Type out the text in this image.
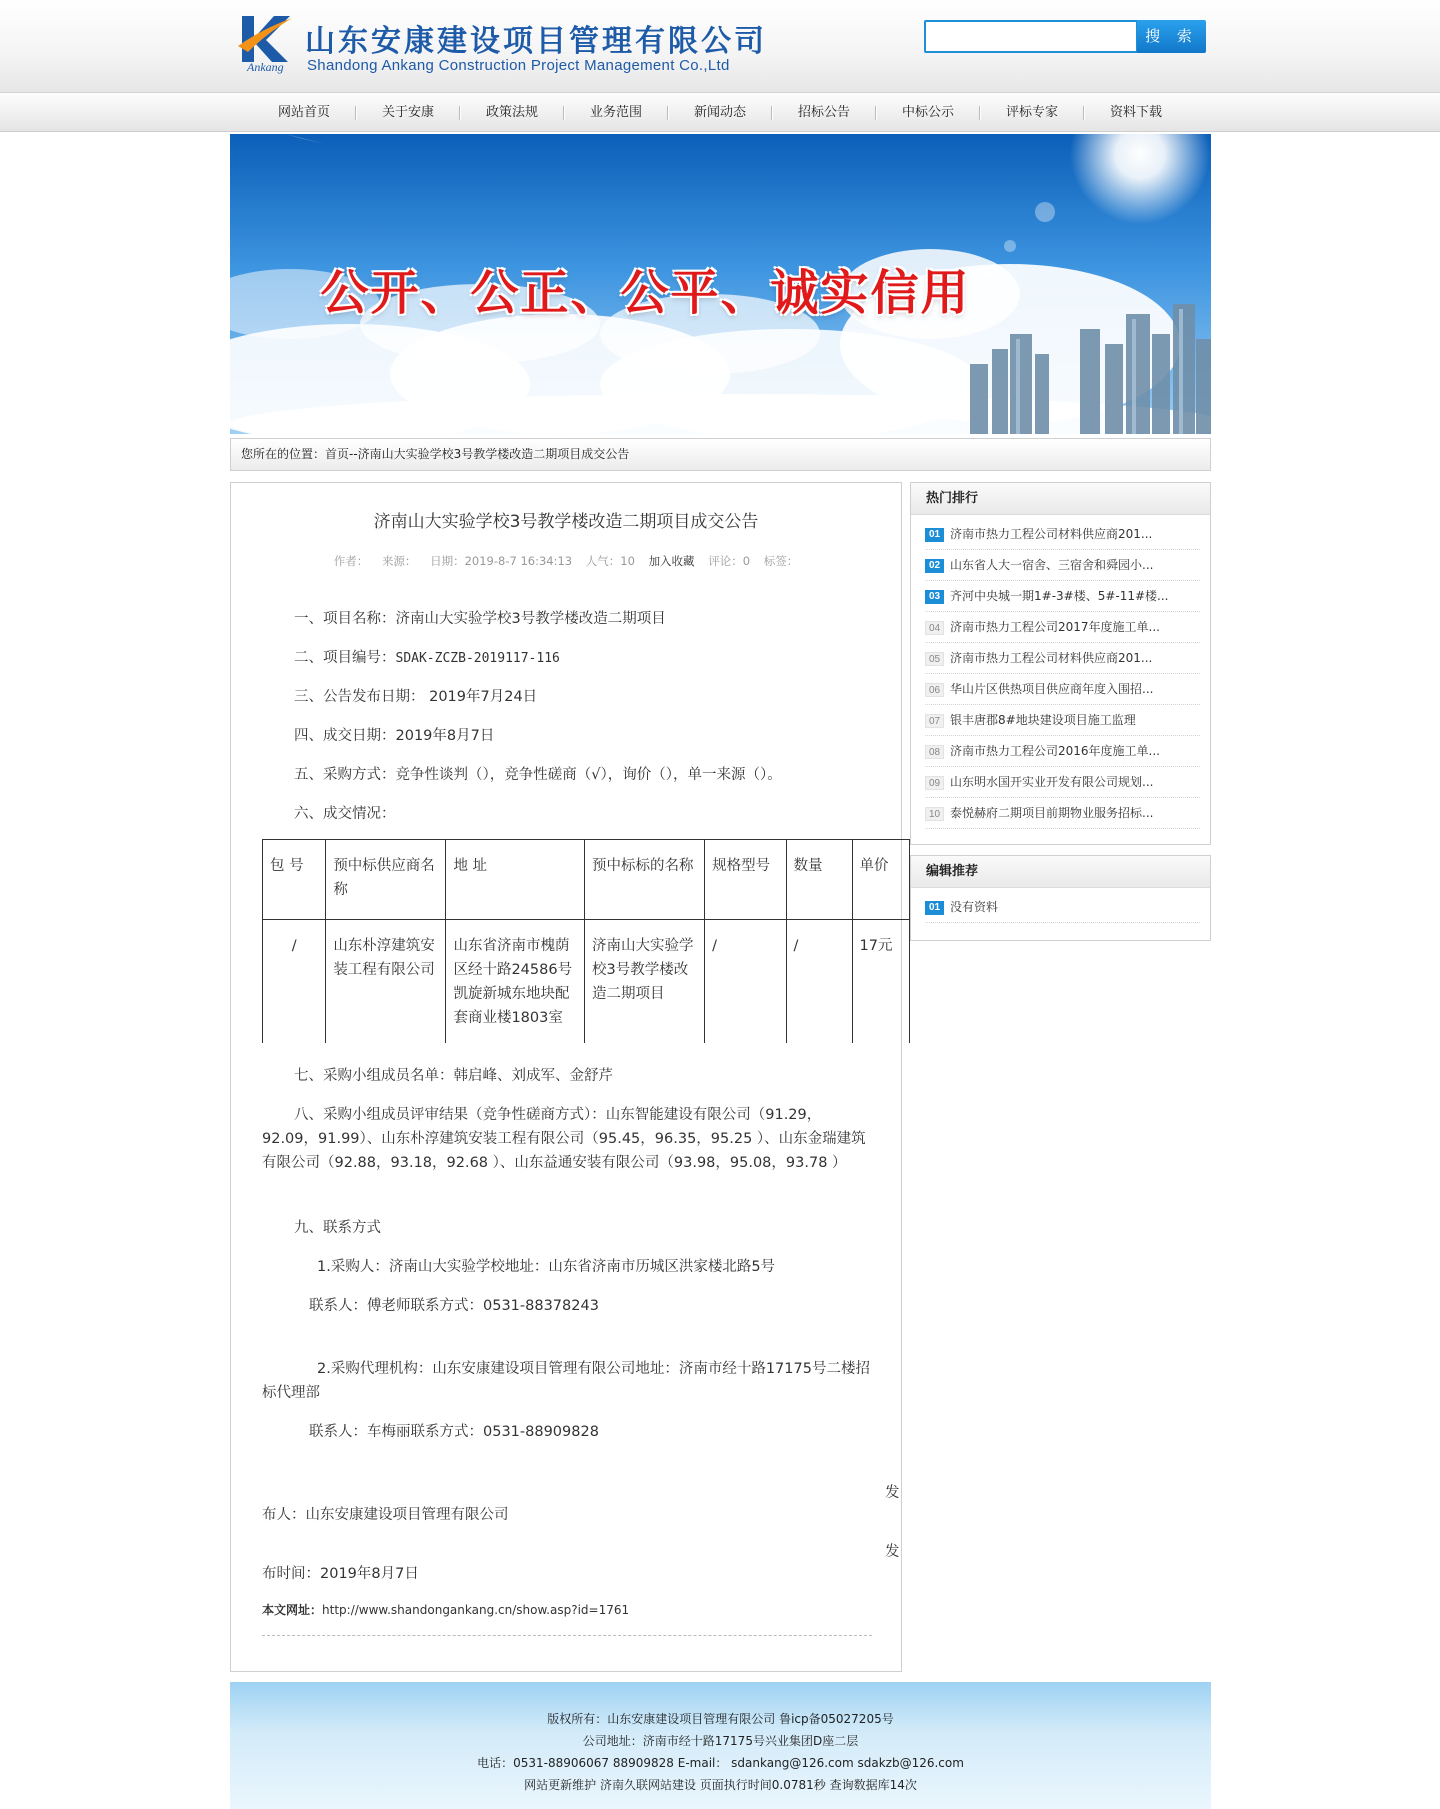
Ankang
山东安康建设项目管理有限公司
Shandong Ankang Construction Project Management Co.,Ltd
搜 索
网站首页	关于安康	政策法规	业务范围	新闻动态	招标公告	中标公示	评标专家	资料下载
公开、公正、公平、诚实信用
您所在的位置：首页--济南山大实验学校3号教学楼改造二期项目成交公告
济南山大实验学校3号教学楼改造二期项目成交公告
作者： 来源： 日期：2019-8-7 16:34:13 人气：10 加入收藏 评论：0 标签：
一、项目名称：济南山大实验学校3号教学楼改造二期项目
二、项目编号：SDAK-ZCZB-2019117-116
三、公告发布日期： 2019年7月24日
四、成交日期：2019年8月7日
五、采购方式：竞争性谈判（），竞争性磋商（√），询价（），单一来源（）。
六、成交情况：
包 号	预中标供应商名称	地 址	预中标标的名称	规格型号	数量	单价
/	山东朴淳建筑安装工程有限公司	山东省济南市槐荫区经十路24586号凯旋新城东地块配套商业楼1803室	济南山大实验学校3号教学楼改造二期项目	/	/	17元
七、采购小组成员名单：韩启峰、刘成军、金舒芹
八、采购小组成员评审结果（竞争性磋商方式）：山东智能建设有限公司（91.29，92.09，91.99）、山东朴淳建筑安装工程有限公司（95.45，96.35，95.25 ）、山东金瑞建筑有限公司（92.88，93.18，92.68 ）、山东益通安装有限公司（93.98，95.08，93.78 ）
九、联系方式
1.采购人：济南山大实验学校地址：山东省济南市历城区洪家楼北路5号
联系人：傅老师联系方式：0531-88378243
2.采购代理机构：山东安康建设项目管理有限公司地址：济南市经十路17175号二楼招标代理部
联系人：车梅丽联系方式：0531-88909828
发
布人：山东安康建设项目管理有限公司
发
布时间：2019年8月7日
本文网址：http://www.shandongankang.cn/show.asp?id=1761
热门排行
01 济南市热力工程公司材料供应商201...
02 山东省人大一宿舍、三宿舍和舜园小...
03 齐河中央城一期1#-3#楼、5#-11#楼...
04 济南市热力工程公司2017年度施工单...
05 济南市热力工程公司材料供应商201...
06 华山片区供热项目供应商年度入围招...
07 银丰唐郡8#地块建设项目施工监理
08 济南市热力工程公司2016年度施工单...
09 山东明水国开实业开发有限公司规划...
10 泰悦赫府二期项目前期物业服务招标...
编辑推荐
01 没有资料
版权所有：山东安康建设项目管理有限公司 鲁icp备05027205号
公司地址：济南市经十路17175号兴业集团D座二层
电话：0531-88906067 88909828 E-mail： sdankang@126.com sdakzb@126.com
网站更新维护 济南久联网站建设 页面执行时间0.0781秒 查询数据库14次
